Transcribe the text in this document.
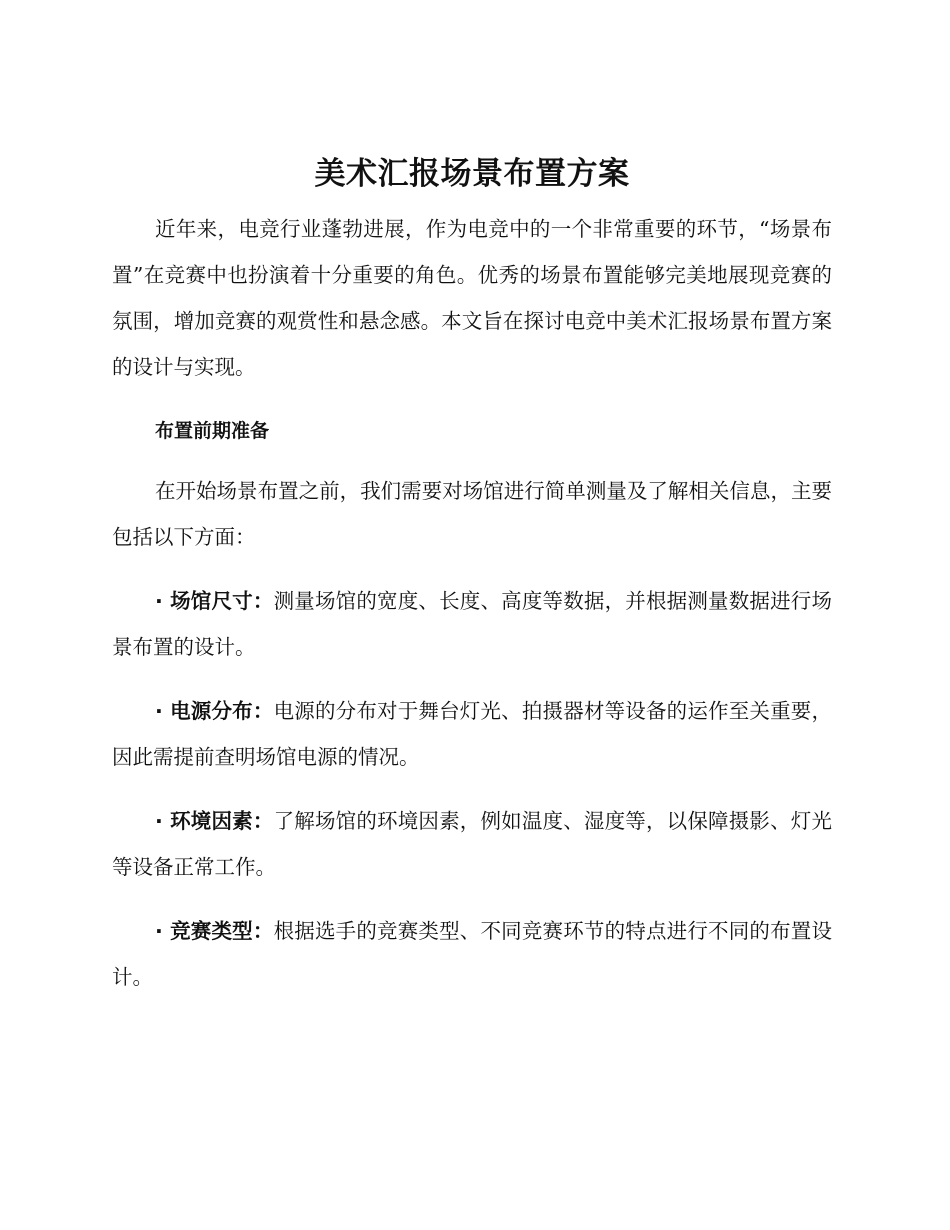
美术汇报场景布置方案

近年来，电竞行业蓬勃进展，作为电竞中的一个非常重要的环节，“场景布置”在竞赛中也扮演着十分重要的角色。优秀的场景布置能够完美地展现竞赛的氛围，增加竞赛的观赏性和悬念感。本文旨在探讨电竞中美术汇报场景布置方案的设计与实现。

布置前期准备

在开始场景布置之前，我们需要对场馆进行简单测量及了解相关信息，主要包括以下方面：

· 场馆尺寸：测量场馆的宽度、长度、高度等数据，并根据测量数据进行场景布置的设计。

· 电源分布：电源的分布对于舞台灯光、拍摄器材等设备的运作至关重要，因此需提前查明场馆电源的情况。

· 环境因素：了解场馆的环境因素，例如温度、湿度等，以保障摄影、灯光等设备正常工作。

· 竞赛类型：根据选手的竞赛类型、不同竞赛环节的特点进行不同的布置设计。
